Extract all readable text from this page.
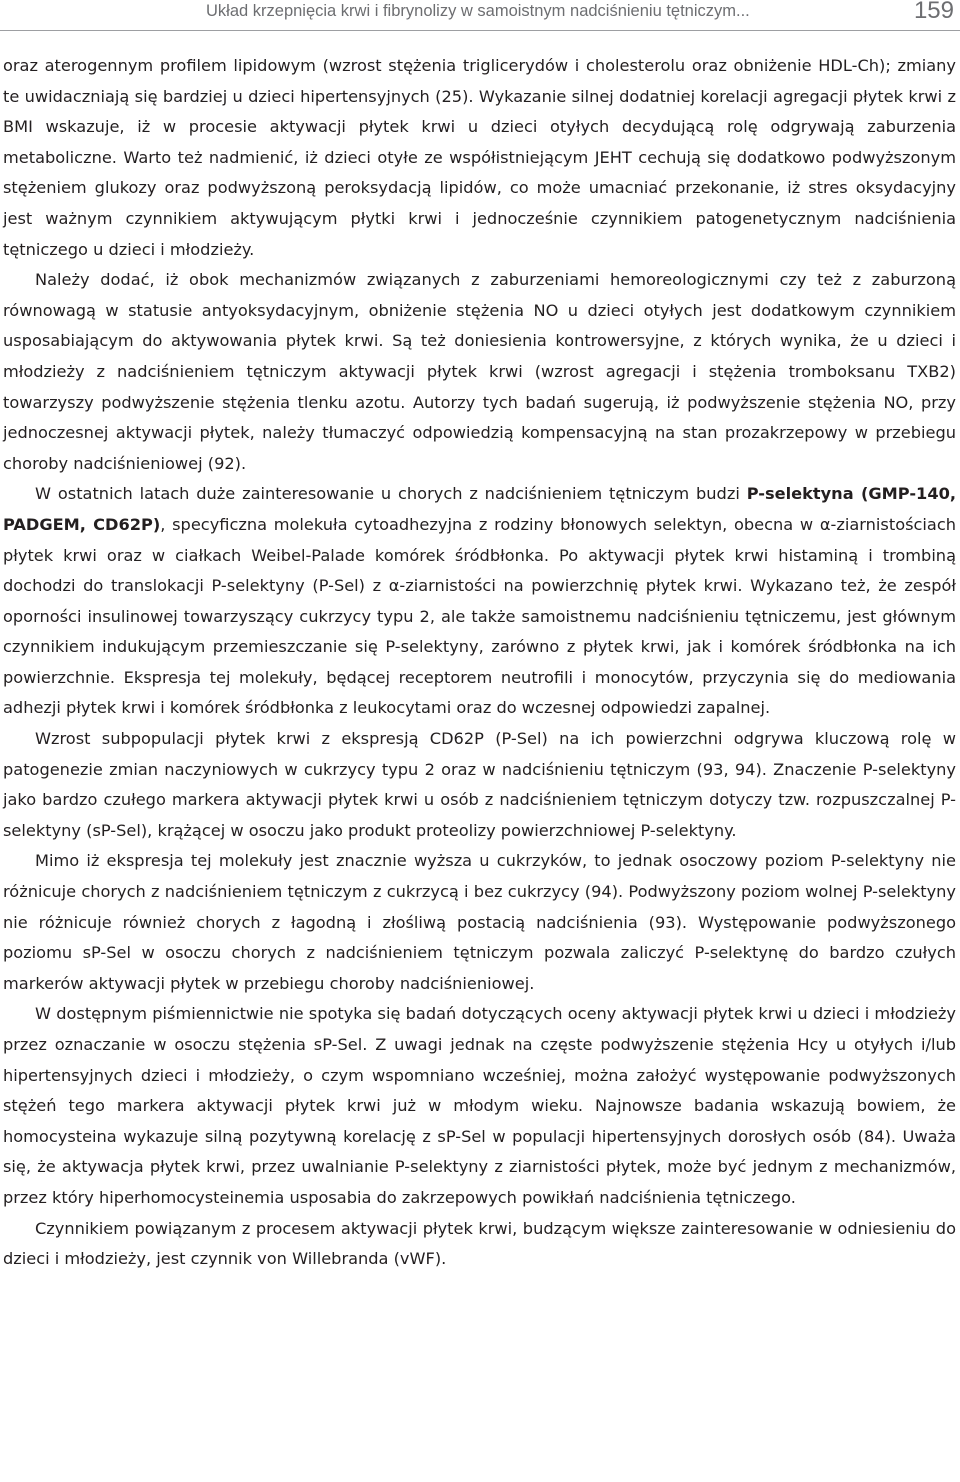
Układ krzepnięcia krwi i fibrynolizy w samoistnym nadciśnieniu tętniczym...	159

oraz aterogennym profilem lipidowym (wzrost stężenia triglicerydów i cholesterolu oraz obniżenie HDL-Ch); zmiany te uwidaczniają się bardziej u dzieci hipertensyjnych (25). Wykazanie silnej dodatniej korelacji agregacji płytek krwi z BMI wskazuje, iż w procesie aktywacji płytek krwi u dzieci otyłych decydującą rolę odgrywają zaburzenia metaboliczne. Warto też nadmienić, iż dzieci otyłe ze współistniejącym JEHT cechują się dodatkowo podwyższonym stężeniem glukozy oraz podwyższoną peroksydacją lipidów, co może umacniać przekonanie, iż stres oksydacyjny jest ważnym czynnikiem aktywującym płytki krwi i jednocześnie czynnikiem patogenetycznym nadciśnienia tętniczego u dzieci i młodzieży.

Należy dodać, iż obok mechanizmów związanych z zaburzeniami hemoreologicznymi czy też z zaburzoną równowagą w statusie antyoksydacyjnym, obniżenie stężenia NO u dzieci otyłych jest dodatkowym czynnikiem usposabiającym do aktywowania płytek krwi. Są też doniesienia kontrowersyjne, z których wynika, że u dzieci i młodzieży z nadciśnieniem tętniczym aktywacji płytek krwi (wzrost agregacji i stężenia tromboksanu TXB2) towarzyszy podwyższenie stężenia tlenku azotu. Autorzy tych badań sugerują, iż podwyższenie stężenia NO, przy jednoczesnej aktywacji płytek, należy tłumaczyć odpowiedzią kompensacyjną na stan prozakrzepowy w przebiegu choroby nadciśnieniowej (92).

W ostatnich latach duże zainteresowanie u chorych z nadciśnieniem tętniczym budzi P-selektyna (GMP-140, PADGEM, CD62P), specyficzna molekuła cytoadhezyjna z rodziny błonowych selektyn, obecna w α-ziarnistościach płytek krwi oraz w ciałkach Weibel-Palade komórek śródbłonka. Po aktywacji płytek krwi histaminą i trombiną dochodzi do translokacji P-selektyny (P-Sel) z α-ziarnistości na powierzchnię płytek krwi. Wykazano też, że zespół oporności insulinowej towarzyszący cukrzycy typu 2, ale także samoistnemu nadciśnieniu tętniczemu, jest głównym czynnikiem indukującym przemieszczanie się P-selektyny, zarówno z płytek krwi, jak i komórek śródbłonka na ich powierzchnie. Ekspresja tej molekuły, będącej receptorem neutrofili i monocytów, przyczynia się do mediowania adhezji płytek krwi i komórek śródbłonka z leukocytami oraz do wczesnej odpowiedzi zapalnej.

Wzrost subpopulacji płytek krwi z ekspresją CD62P (P-Sel) na ich powierzchni odgrywa kluczową rolę w patogenezie zmian naczyniowych w cukrzycy typu 2 oraz w nadciśnieniu tętniczym (93, 94). Znaczenie P-selektyny jako bardzo czułego markera aktywacji płytek krwi u osób z nadciśnieniem tętniczym dotyczy tzw. rozpuszczalnej P-selektyny (sP-Sel), krążącej w osoczu jako produkt proteolizy powierzchniowej P-selektyny.

Mimo iż ekspresja tej molekuły jest znacznie wyższa u cukrzyków, to jednak osoczowy poziom P-selektyny nie różnicuje chorych z nadciśnieniem tętniczym z cukrzycą i bez cukrzycy (94). Podwyższony poziom wolnej P-selektyny nie różnicuje również chorych z łagodną i złośliwą postacią nadciśnienia (93). Występowanie podwyższonego poziomu sP-Sel w osoczu chorych z nadciśnieniem tętniczym pozwala zaliczyć P-selektynę do bardzo czułych markerów aktywacji płytek w przebiegu choroby nadciśnieniowej.

W dostępnym piśmiennictwie nie spotyka się badań dotyczących oceny aktywacji płytek krwi u dzieci i młodzieży przez oznaczanie w osoczu stężenia sP-Sel. Z uwagi jednak na częste podwyższenie stężenia Hcy u otyłych i/lub hipertensyjnych dzieci i młodzieży, o czym wspomniano wcześniej, można założyć występowanie podwyższonych stężeń tego markera aktywacji płytek krwi już w młodym wieku. Najnowsze badania wskazują bowiem, że homocysteina wykazuje silną pozytywną korelację z sP-Sel w populacji hipertensyjnych dorosłych osób (84). Uważa się, że aktywacja płytek krwi, przez uwalnianie P-selektyny z ziarnistości płytek, może być jednym z mechanizmów, przez który hiperhomocysteinemia usposabia do zakrzepowych powikłań nadciśnienia tętniczego.

Czynnikiem powiązanym z procesem aktywacji płytek krwi, budzącym większe zainteresowanie w odniesieniu do dzieci i młodzieży, jest czynnik von Willebranda (vWF).
